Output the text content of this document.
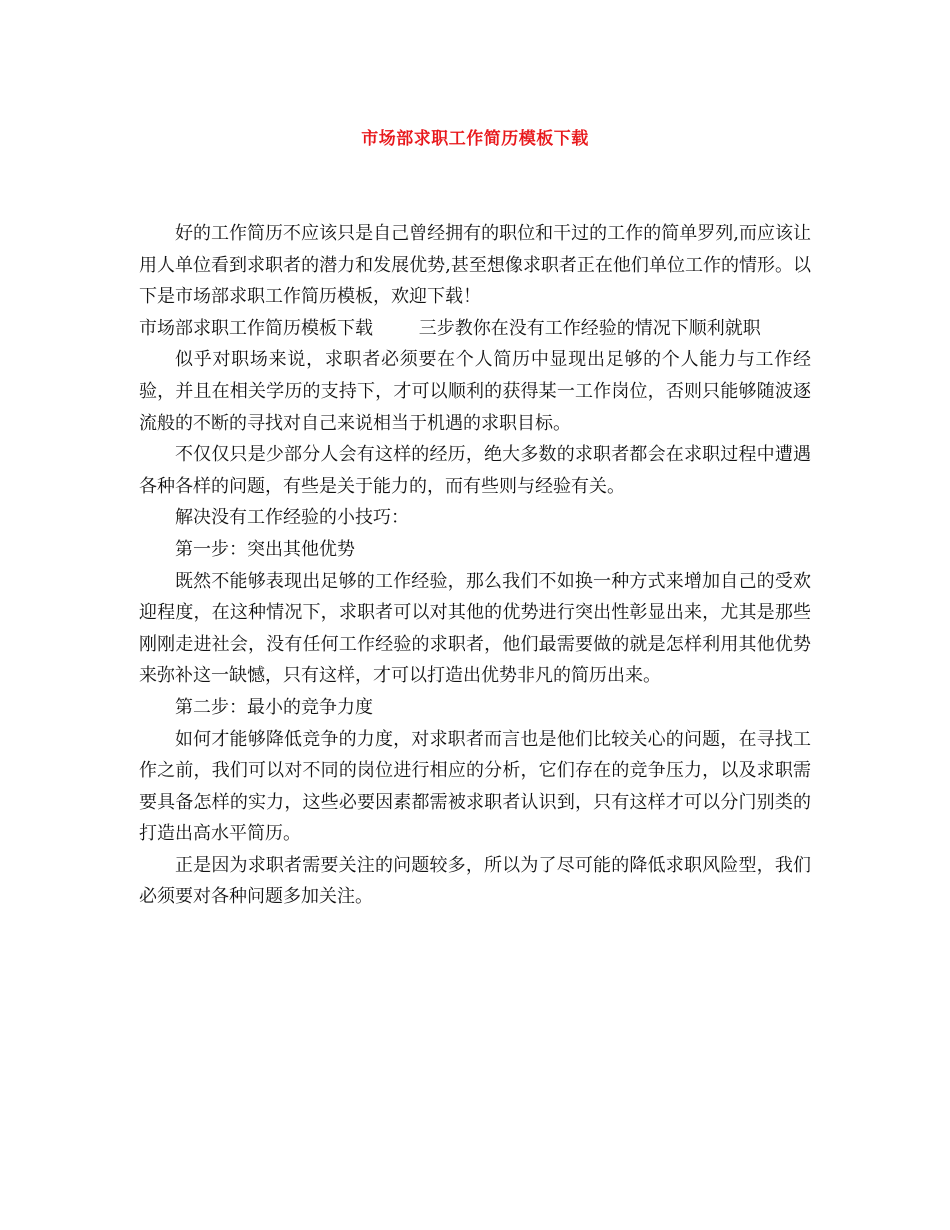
市场部求职工作简历模板下载

好的工作简历不应该只是自己曾经拥有的职位和干过的工作的简单罗列,而应该让用人单位看到求职者的潜力和发展优势,甚至想像求职者正在他们单位工作的情形。以下是市场部求职工作简历模板，欢迎下载！

市场部求职工作简历模板下载        三步教你在没有工作经验的情况下顺利就职

似乎对职场来说，求职者必须要在个人简历中显现出足够的个人能力与工作经验，并且在相关学历的支持下，才可以顺利的获得某一工作岗位，否则只能够随波逐流般的不断的寻找对自己来说相当于机遇的求职目标。

不仅仅只是少部分人会有这样的经历，绝大多数的求职者都会在求职过程中遭遇各种各样的问题，有些是关于能力的，而有些则与经验有关。

解决没有工作经验的小技巧：

第一步：突出其他优势

既然不能够表现出足够的工作经验，那么我们不如换一种方式来增加自己的受欢迎程度，在这种情况下，求职者可以对其他的优势进行突出性彰显出来，尤其是那些刚刚走进社会，没有任何工作经验的求职者，他们最需要做的就是怎样利用其他优势来弥补这一缺憾，只有这样，才可以打造出优势非凡的简历出来。

第二步：最小的竞争力度

如何才能够降低竞争的力度，对求职者而言也是他们比较关心的问题，在寻找工作之前，我们可以对不同的岗位进行相应的分析，它们存在的竞争压力，以及求职需要具备怎样的实力，这些必要因素都需被求职者认识到，只有这样才可以分门别类的打造出高水平简历。

正是因为求职者需要关注的问题较多，所以为了尽可能的降低求职风险型，我们必须要对各种问题多加关注。
